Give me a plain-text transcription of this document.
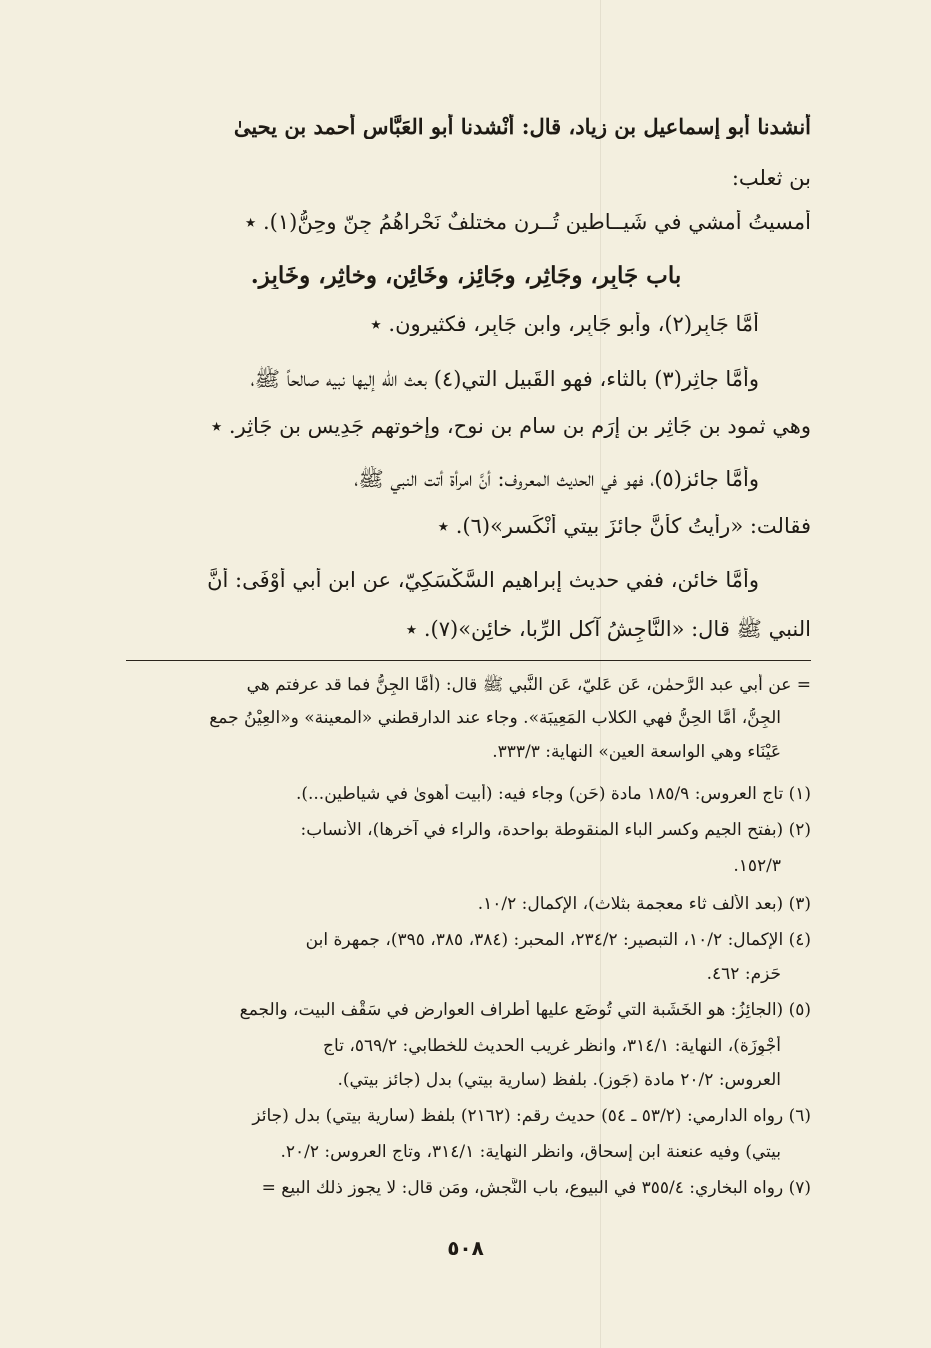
أنشدنا أبو إسماعيل بن زياد، قال: أَنْشدنا أبو العَبَّاس أحمد بن يحيىٰ
بن ثعلب:
أمسيتُ أمشي في شَيــاطين تُــرن مختلفٌ نَحْراهُمُ جِنّ وحِنُّ(١). ٭
باب جَابِر، وجَاثِر، وجَائِز، وخَائِن، وخاثِر، وخَابِز.
أمَّا جَابِر(٢)، وأبو جَابِر، وابن جَابِر، فكثيرون. ٭
وأمَّا جاثِر(٣) بالثاء، فهو القَبيل التي(٤) بعث الله إليها نبيه صالحاً ﷺ،
وهي ثمود بن جَاثِر بن إِرَم بن سام بن نوح، وإخوتهم جَدِيس بن جَاثِر. ٭
وأمَّا جائز(٥)، فهو في الحديث المعروف: أنَّ امرأة أتت النبي ﷺ،
فقالت: «رأيتُ كأنَّ جائزَ بيتي أنْكَسر»(٦). ٭
وأمَّا خائن، ففي حديث إبراهيم السَّكْسَكِيّ، عن ابن أبي أَوْفَى: أنَّ
النبي ﷺ قال: «النَّاجِشُ آكل الرِّبا، خائِن»(٧). ٭
= عن أبي عبد الرَّحمٰن، عَن عَليّ، عَن النَّبي ﷺ قال: (أمَّا الجِنُّ فما قد عرفتم هي
الجِنُّ، أمَّا الحِنُّ فهي الكلاب المَعِيبَة». وجاء عند الدارقطني «المعينة» و«العِيْنُ جمع
عَيْنَاء وهي الواسعة العين» النهاية: ٣٣٣/٣.
(١) تاج العروس: ١٨٥/٩ مادة (حَن) وجاء فيه: (أبيت أهوىٰ في شياطين...).
(٢) (بفتح الجيم وكسر الباء المنقوطة بواحدة، والراء في آخرها)، الأنساب:
١٥٢/٣.
(٣) (بعد الألف ثاء معجمة بثلاث)، الإكمال: ١٠/٢.
(٤) الإكمال: ١٠/٢، التبصير: ٢٣٤/٢، المحبر: (٣٨٤، ٣٨٥، ٣٩٥)، جمهرة ابن
حَزم: ٤٦٢.
(٥) (الجائِزُ: هو الخَشَبة التي تُوضَع عليها أطراف العوارض في سَقْف البيت، والجمع
أَجْوِزَة)، النهاية: ٣١٤/١، وانظر غريب الحديث للخطابي: ٥٦٩/٢، تاج
العروس: ٢٠/٢ مادة (جَوز). بلفظ (سارية بيتي) بدل (جائز بيتي).
(٦) رواه الدارمي: (٥٣/٢ ـ ٥٤) حديث رقم: (٢١٦٢) بلفظ (سارية بيتي) بدل (جائز
بيتي) وفيه عنعنة ابن إسحاق، وانظر النهاية: ٣١٤/١، وتاج العروس: ٢٠/٢.
(٧) رواه البخاري: ٣٥٥/٤ في البيوع، باب النَّجش، ومَن قال: لا يجوز ذلك البيع =
٥٠٨
